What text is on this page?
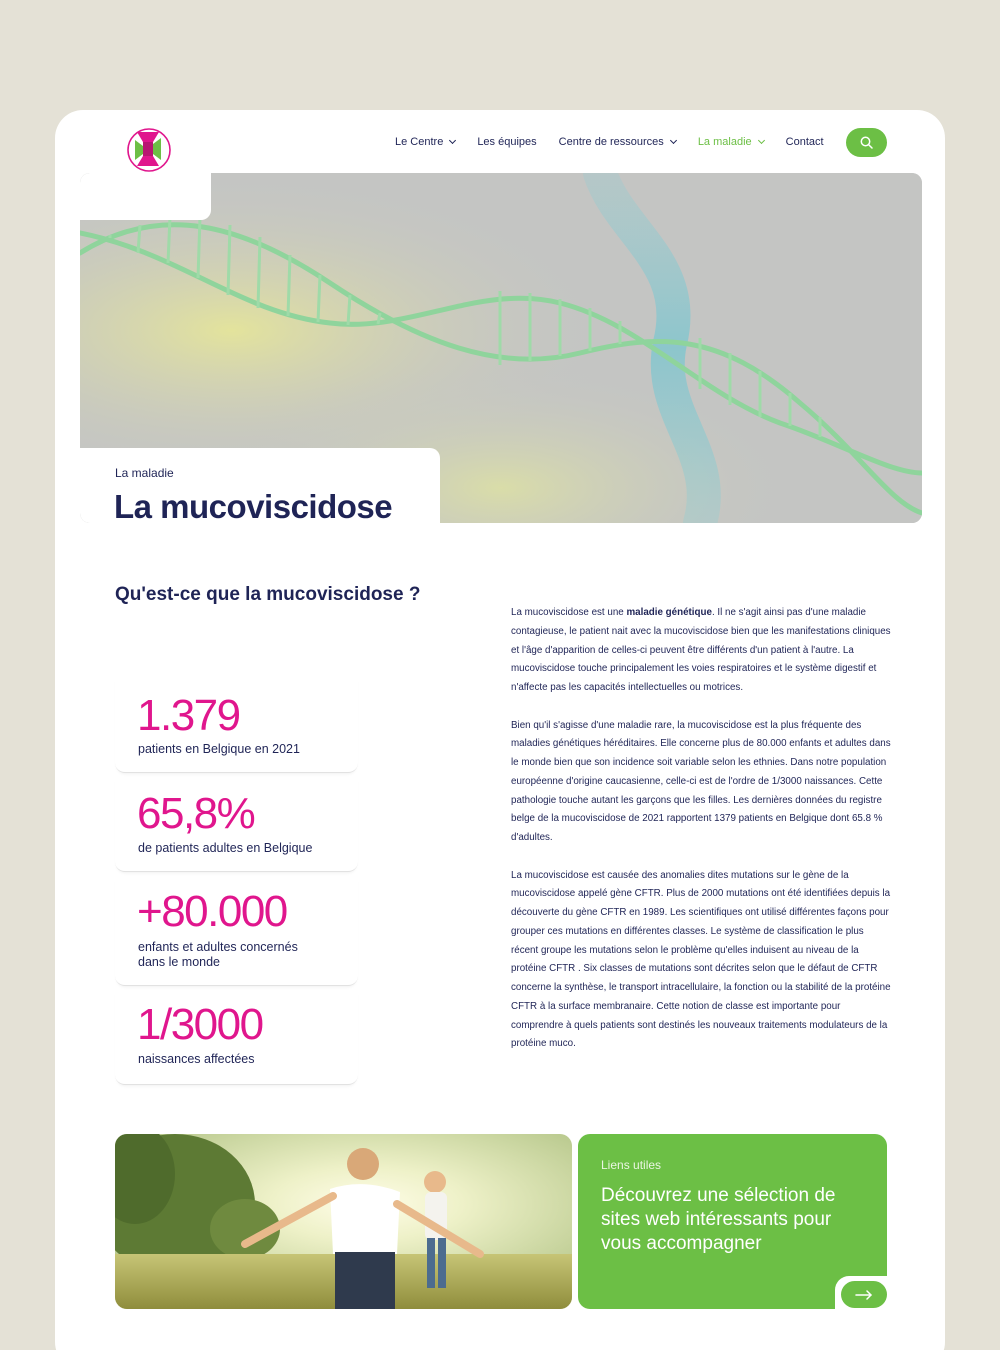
Le Centre	Les équipes Centre de ressources	La maladie	Contact
La maladie
La mucoviscidose
Qu'est-ce que la mucoviscidose ?
1.379
patients en Belgique en 2021
65,8%
de patients adultes en Belgique
+80.000
enfants et adultes concernés dans le monde
1/3000
naissances affectées

La mucoviscidose est une maladie génétique. Il ne s'agit ainsi pas d'une maladie contagieuse, le patient nait avec la mucoviscidose bien que les manifestations cliniques et l'âge d'apparition de celles-ci peuvent être différents d'un patient à l'autre. La mucoviscidose touche principalement les voies respiratoires et le système digestif et n'affecte pas les capacités intellectuelles ou motrices.

Bien qu'il s'agisse d'une maladie rare, la mucoviscidose est la plus fréquente des maladies génétiques héréditaires. Elle concerne plus de 80.000 enfants et adultes dans le monde bien que son incidence soit variable selon les ethnies. Dans notre population européenne d'origine caucasienne, celle-ci est de l'ordre de 1/3000 naissances. Cette pathologie touche autant les garçons que les filles. Les dernières données du registre belge de la mucoviscidose de 2021 rapportent 1379 patients en Belgique dont 65.8 % d'adultes.

La mucoviscidose est causée des anomalies dites mutations sur le gène de la mucoviscidose appelé gène CFTR. Plus de 2000 mutations ont été identifiées depuis la découverte du gène CFTR en 1989. Les scientifiques ont utilisé différentes façons pour grouper ces mutations en différentes classes. Le système de classification le plus récent groupe les mutations selon le problème qu'elles induisent au niveau de la protéine CFTR . Six classes de mutations sont décrites selon que le défaut de CFTR concerne la synthèse, le transport intracellulaire, la fonction ou la stabilité de la protéine CFTR à la surface membranaire. Cette notion de classe est importante pour comprendre à quels patients sont destinés les nouveaux traitements modulateurs de la protéine muco.

Liens utiles
Découvrez une sélection de sites web intéressants pour vous accompagner
